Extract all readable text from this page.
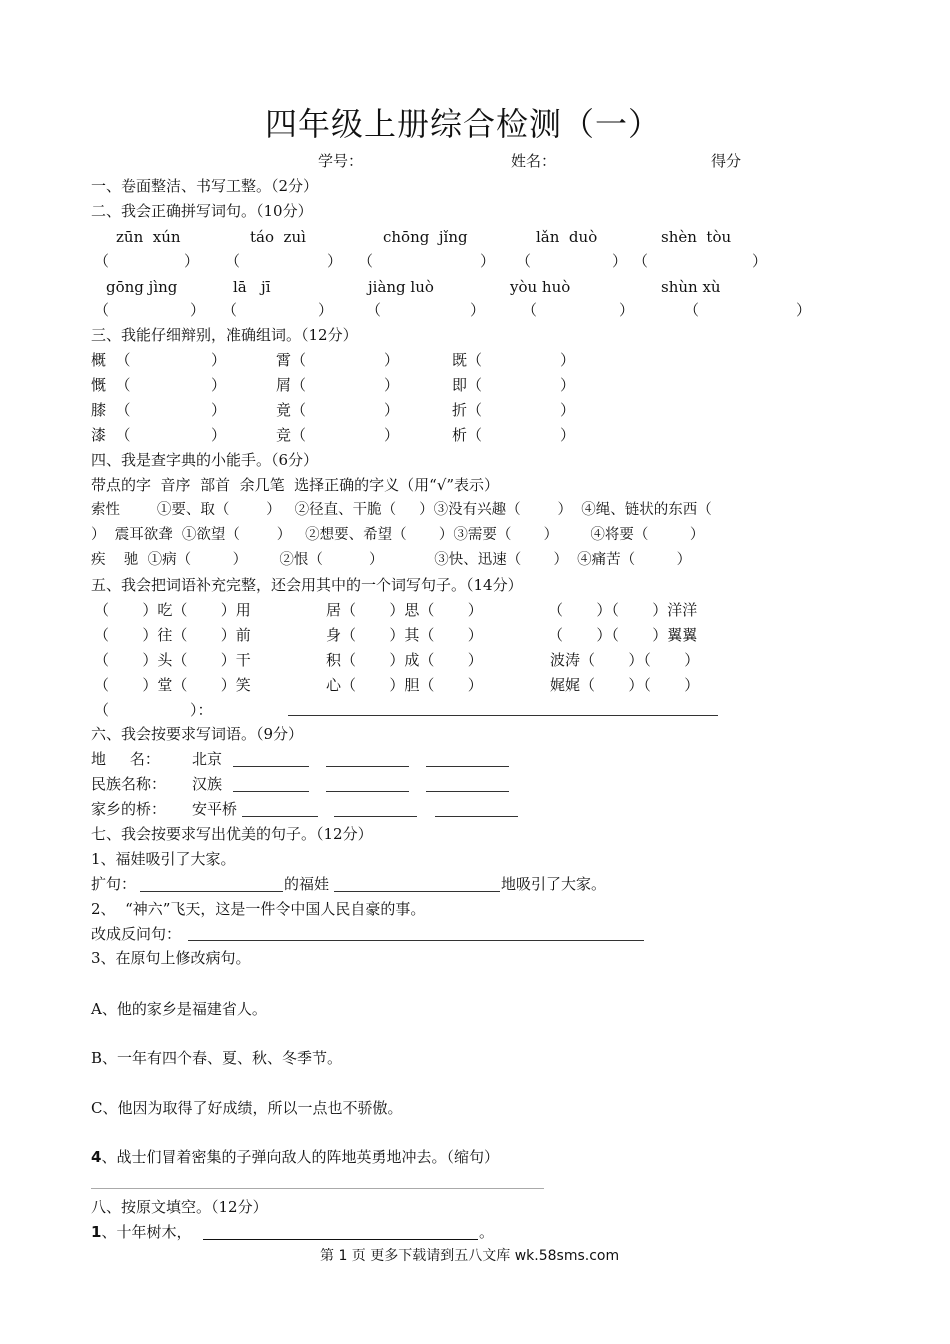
四年级上册综合检测（一）
学号：	姓名：	得分
一、卷面整洁、书写工整。（2分）
二、我会正确拼写词句。（10分）
zūn  xún	táo  zuì	chōng  jǐng	lǎn  duò	shèn  tòu
（	） （	） （	） （	） （	）
gōng jìng	lā   jī	jiàng luò	yòu huò	shùn xù
（	） （	） （	） （	）	（	）
三、我能仔细辩别，准确组词。（12分）
概  （	）	霄（	）	既（	）
慨  （	）	屑（	）	即（	）
膝  （	）	竟（	）	折（	）
漆  （	）	竞（	）	析（	）
四、我是查字典的小能手。（6分）
带点的字  音序  部首  余几笔  选择正确的字义（用“√”表示）
索性        ①要、取（        ）   ②径直、干脆（     ）③没有兴趣（        ）  ④绳、链状的东西（
）  震耳欲聋  ①欲望（        ）   ②想要、希望（       ）③需要（       ）       ④将要（         ）
疾    驰  ①病（         ）       ②恨（          ）           ③快、迅速（       ）  ④痛苦（         ）
五、我会把词语补充完整，还会用其中的一个词写句子。（14分）
（       ）吃（       ）用	居（       ）思（       ）	（       ）（       ）洋洋
（       ）往（       ）前	身（       ）其（       ）	（       ）（       ）翼翼
（       ）头（       ）干	积（       ）成（       ）	波涛（       ）（       ）
（       ）堂（       ）笑	心（       ）胆（       ）	娓娓（       ）（       ）
（                 ）：
六、我会按要求写词语。（9分）
地     名： 北京
民族名称： 汉族
家乡的桥： 安平桥
七、我会按要求写出优美的句子。（12分）
1、福娃吸引了大家。
扩句：	的福娃	地吸引了大家。
2、  “神六”飞天，这是一件令中国人民自豪的事。
改成反问句：
3、在原句上修改病句。
A、他的家乡是福建省人。
B、一年有四个春、夏、秋、冬季节。
C、他因为取得了好成绩，所以一点也不骄傲。
4、战士们冒着密集的子弹向敌人的阵地英勇地冲去。（缩句）
八、按原文填空。（12分）
1、十年树木，	。
第 1 页 更多下载请到五八文库 wk.58sms.com
